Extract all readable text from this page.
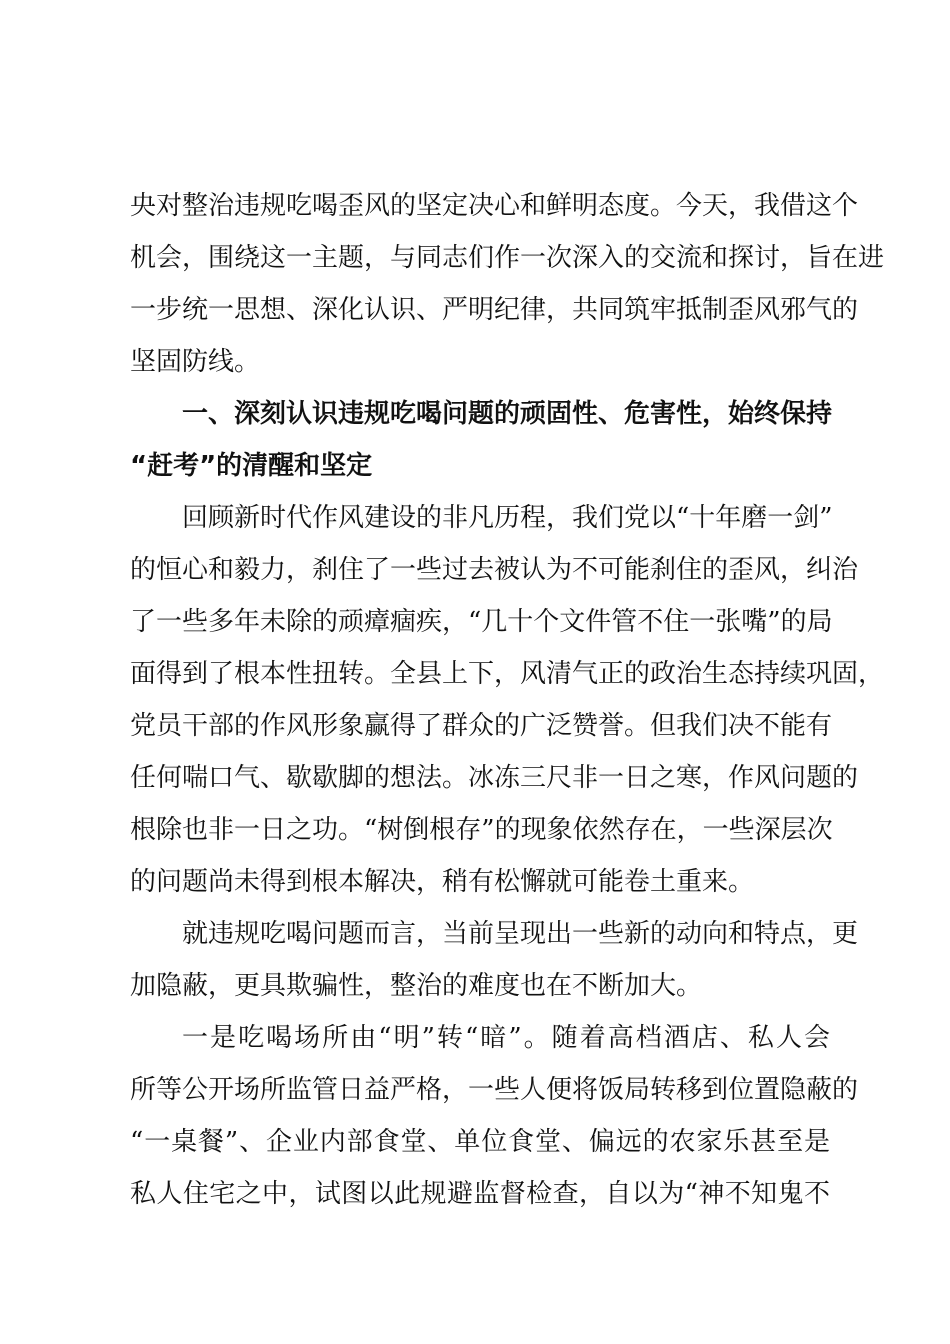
央对整治违规吃喝歪风的坚定决心和鲜明态度。今天，我借这个
机会，围绕这一主题，与同志们作一次深入的交流和探讨，旨在进
一步统一思想、深化认识、严明纪律，共同筑牢抵制歪风邪气的
坚固防线。
一、深刻认识违规吃喝问题的顽固性、危害性，始终保持
“赶考”的清醒和坚定
回顾新时代作风建设的非凡历程，我们党以“十年磨一剑”
的恒心和毅力，刹住了一些过去被认为不可能刹住的歪风，纠治
了一些多年未除的顽瘴痼疾，“几十个文件管不住一张嘴”的局
面得到了根本性扭转。全县上下，风清气正的政治生态持续巩固，
党员干部的作风形象赢得了群众的广泛赞誉。但我们决不能有
任何喘口气、歇歇脚的想法。冰冻三尺非一日之寒，作风问题的
根除也非一日之功。“树倒根存”的现象依然存在，一些深层次
的问题尚未得到根本解决，稍有松懈就可能卷土重来。
就违规吃喝问题而言，当前呈现出一些新的动向和特点，更
加隐蔽，更具欺骗性，整治的难度也在不断加大。
一是吃喝场所由“明”转“暗”。随着高档酒店、私人会
所等公开场所监管日益严格，一些人便将饭局转移到位置隐蔽的
“一桌餐”、企业内部食堂、单位食堂、偏远的农家乐甚至是
私人住宅之中，试图以此规避监督检查，自以为“神不知鬼不
